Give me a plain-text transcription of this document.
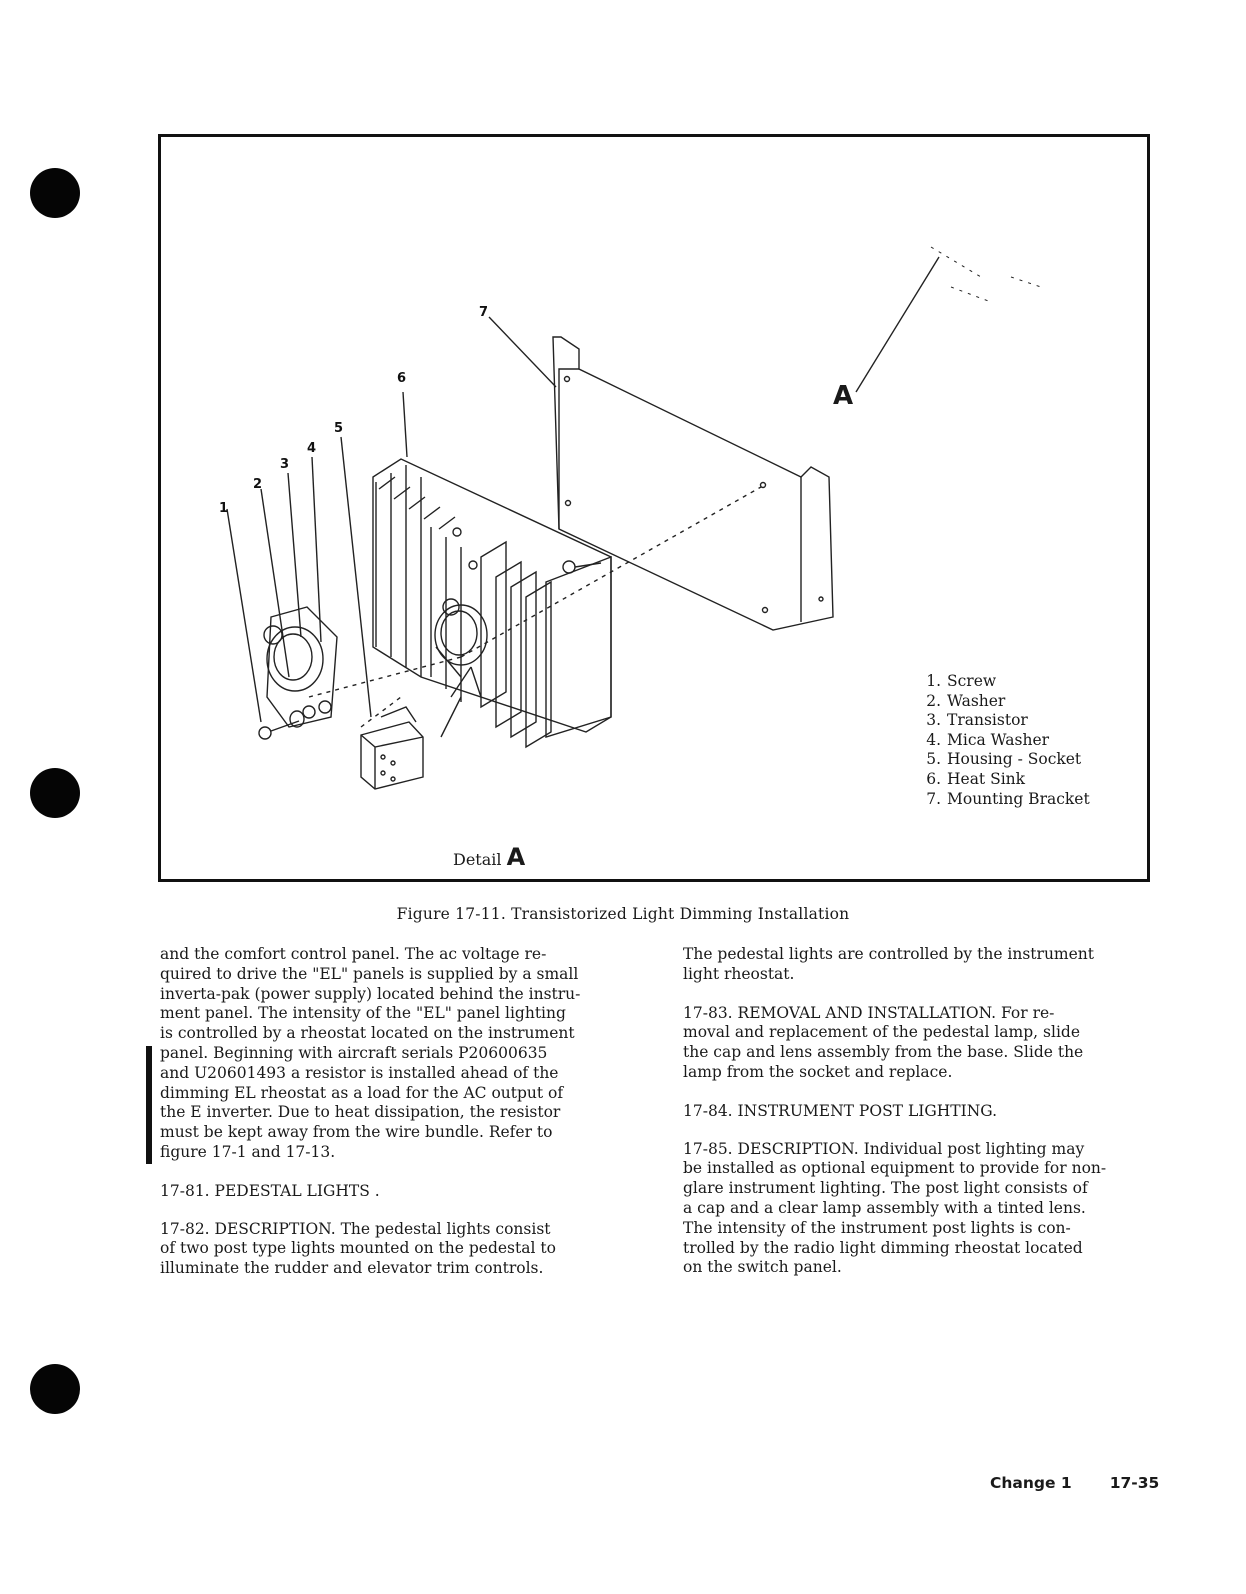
1
2
3
4
5
6
7
A
1. Screw
2. Washer
3. Transistor
4. Mica Washer
5. Housing - Socket
6. Heat Sink
7. Mounting Bracket
Detail A
Figure 17-11. Transistorized Light Dimming Installation

and the comfort control panel. The ac voltage re-
quired to drive the "EL" panels is supplied by a small
inverta-pak (power supply) located behind the instru-
ment panel. The intensity of the "EL" panel lighting
is controlled by a rheostat located on the instrument
panel. Beginning with aircraft serials P20600635
and U20601493 a resistor is installed ahead of the
dimming EL rheostat as a load for the AC output of
the E inverter. Due to heat dissipation, the resistor
must be kept away from the wire bundle. Refer to
figure 17-1 and 17-13.

17-81. PEDESTAL LIGHTS .

17-82. DESCRIPTION. The pedestal lights consist
of two post type lights mounted on the pedestal to
illuminate the rudder and elevator trim controls.

The pedestal lights are controlled by the instrument
light rheostat.

17-83. REMOVAL AND INSTALLATION. For re-
moval and replacement of the pedestal lamp, slide
the cap and lens assembly from the base. Slide the
lamp from the socket and replace.

17-84. INSTRUMENT POST LIGHTING.

17-85. DESCRIPTION. Individual post lighting may
be installed as optional equipment to provide for non-
glare instrument lighting. The post light consists of
a cap and a clear lamp assembly with a tinted lens.
The intensity of the instrument post lights is con-
trolled by the radio light dimming rheostat located
on the switch panel.

Change 1 17-35
